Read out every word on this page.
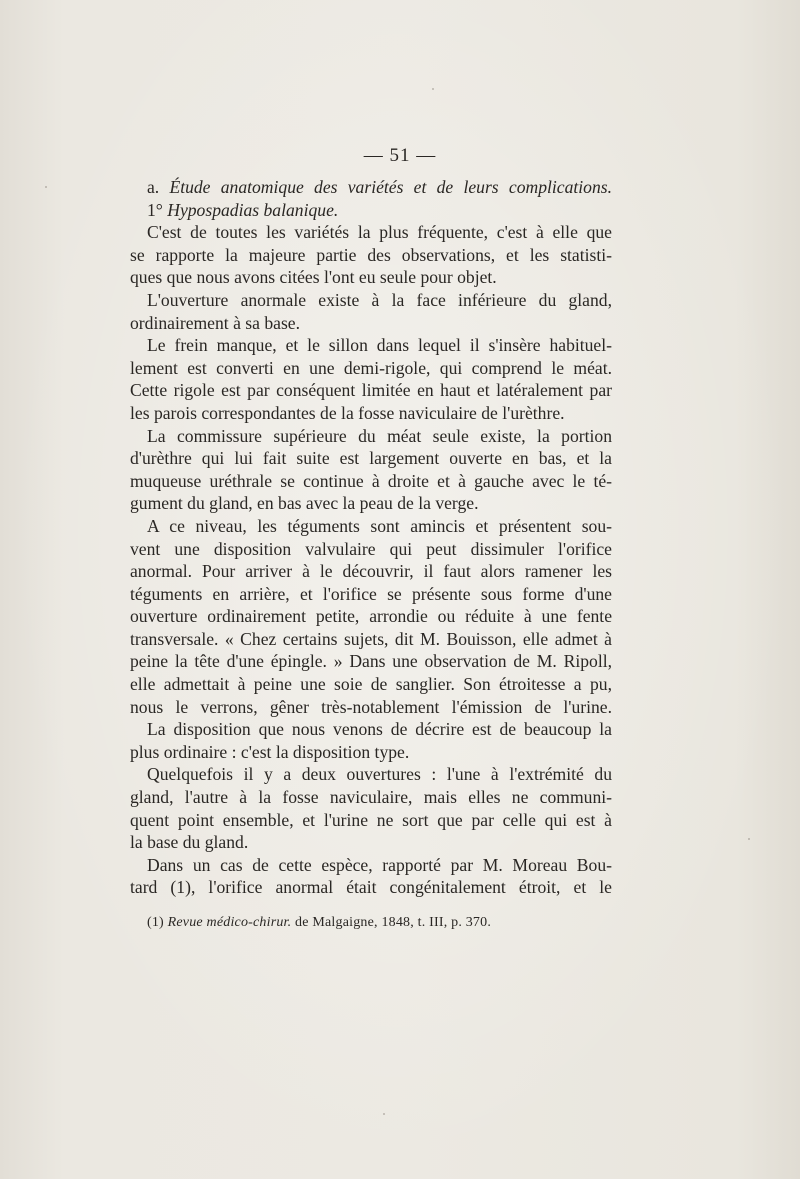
— 51 —
a. Étude anatomique des variétés et de leurs complications.
1° Hypospadias balanique.
C'est de toutes les variétés la plus fréquente, c'est à elle que
se rapporte la majeure partie des observations, et les statisti-
ques que nous avons citées l'ont eu seule pour objet.
L'ouverture anormale existe à la face inférieure du gland,
ordinairement à sa base.
Le frein manque, et le sillon dans lequel il s'insère habituel-
lement est converti en une demi-rigole, qui comprend le méat.
Cette rigole est par conséquent limitée en haut et latéralement par
les parois correspondantes de la fosse naviculaire de l'urèthre.
La commissure supérieure du méat seule existe, la portion
d'urèthre qui lui fait suite est largement ouverte en bas, et la
muqueuse uréthrale se continue à droite et à gauche avec le té-
gument du gland, en bas avec la peau de la verge.
A ce niveau, les téguments sont amincis et présentent sou-
vent une disposition valvulaire qui peut dissimuler l'orifice
anormal. Pour arriver à le découvrir, il faut alors ramener les
téguments en arrière, et l'orifice se présente sous forme d'une
ouverture ordinairement petite, arrondie ou réduite à une fente
transversale. « Chez certains sujets, dit M. Bouisson, elle admet à
peine la tête d'une épingle. » Dans une observation de M. Ripoll,
elle admettait à peine une soie de sanglier. Son étroitesse a pu,
nous le verrons, gêner très-notablement l'émission de l'urine.
La disposition que nous venons de décrire est de beaucoup la
plus ordinaire : c'est la disposition type.
Quelquefois il y a deux ouvertures : l'une à l'extrémité du
gland, l'autre à la fosse naviculaire, mais elles ne communi-
quent point ensemble, et l'urine ne sort que par celle qui est à
la base du gland.
Dans un cas de cette espèce, rapporté par M. Moreau Bou-
tard (1), l'orifice anormal était congénitalement étroit, et le
(1) Revue médico-chirur. de Malgaigne, 1848, t. III, p. 370.
